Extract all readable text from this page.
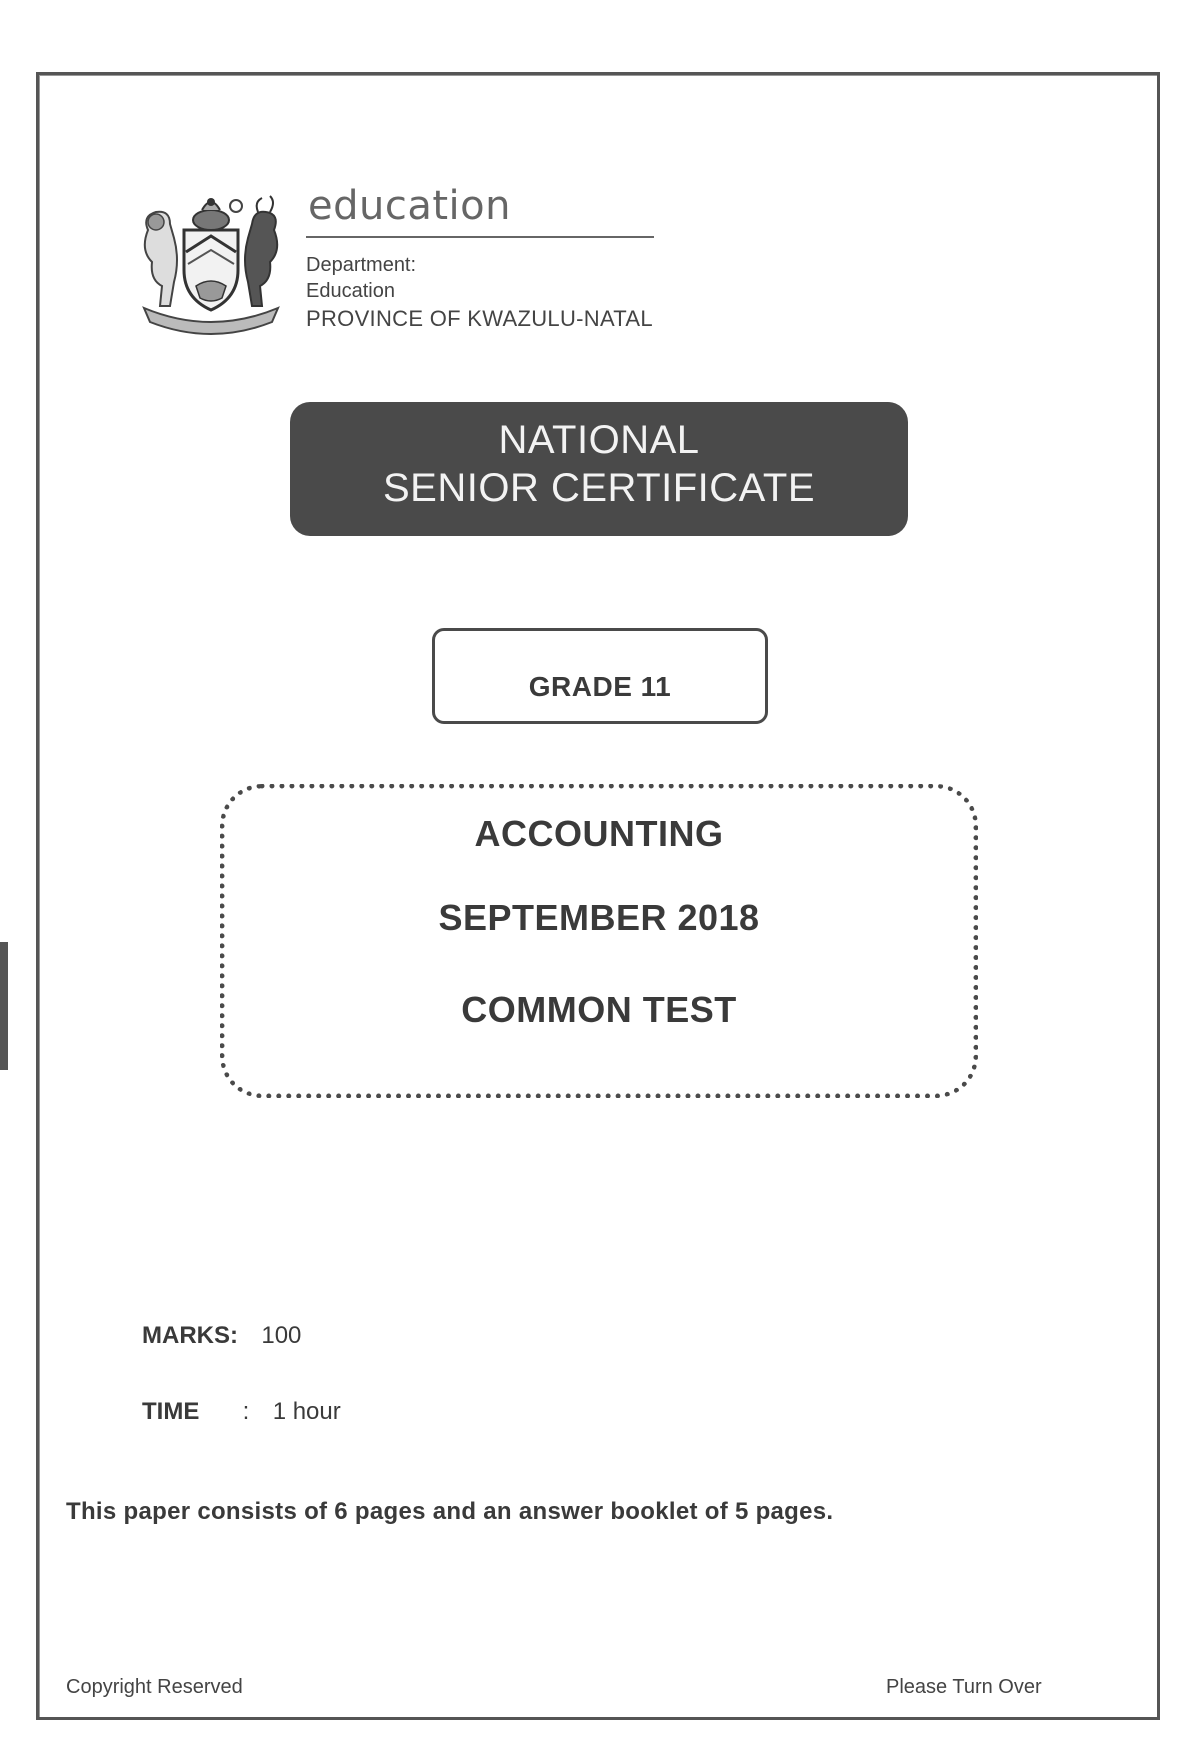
education
Department:
Education
PROVINCE OF KWAZULU-NATAL
NATIONAL
SENIOR CERTIFICATE
GRADE 11
ACCOUNTING
SEPTEMBER 2018
COMMON TEST
MARKS: 100
TIME : 1 hour
This paper consists of 6 pages and an answer booklet of 5 pages.
Copyright Reserved	Please Turn Over
